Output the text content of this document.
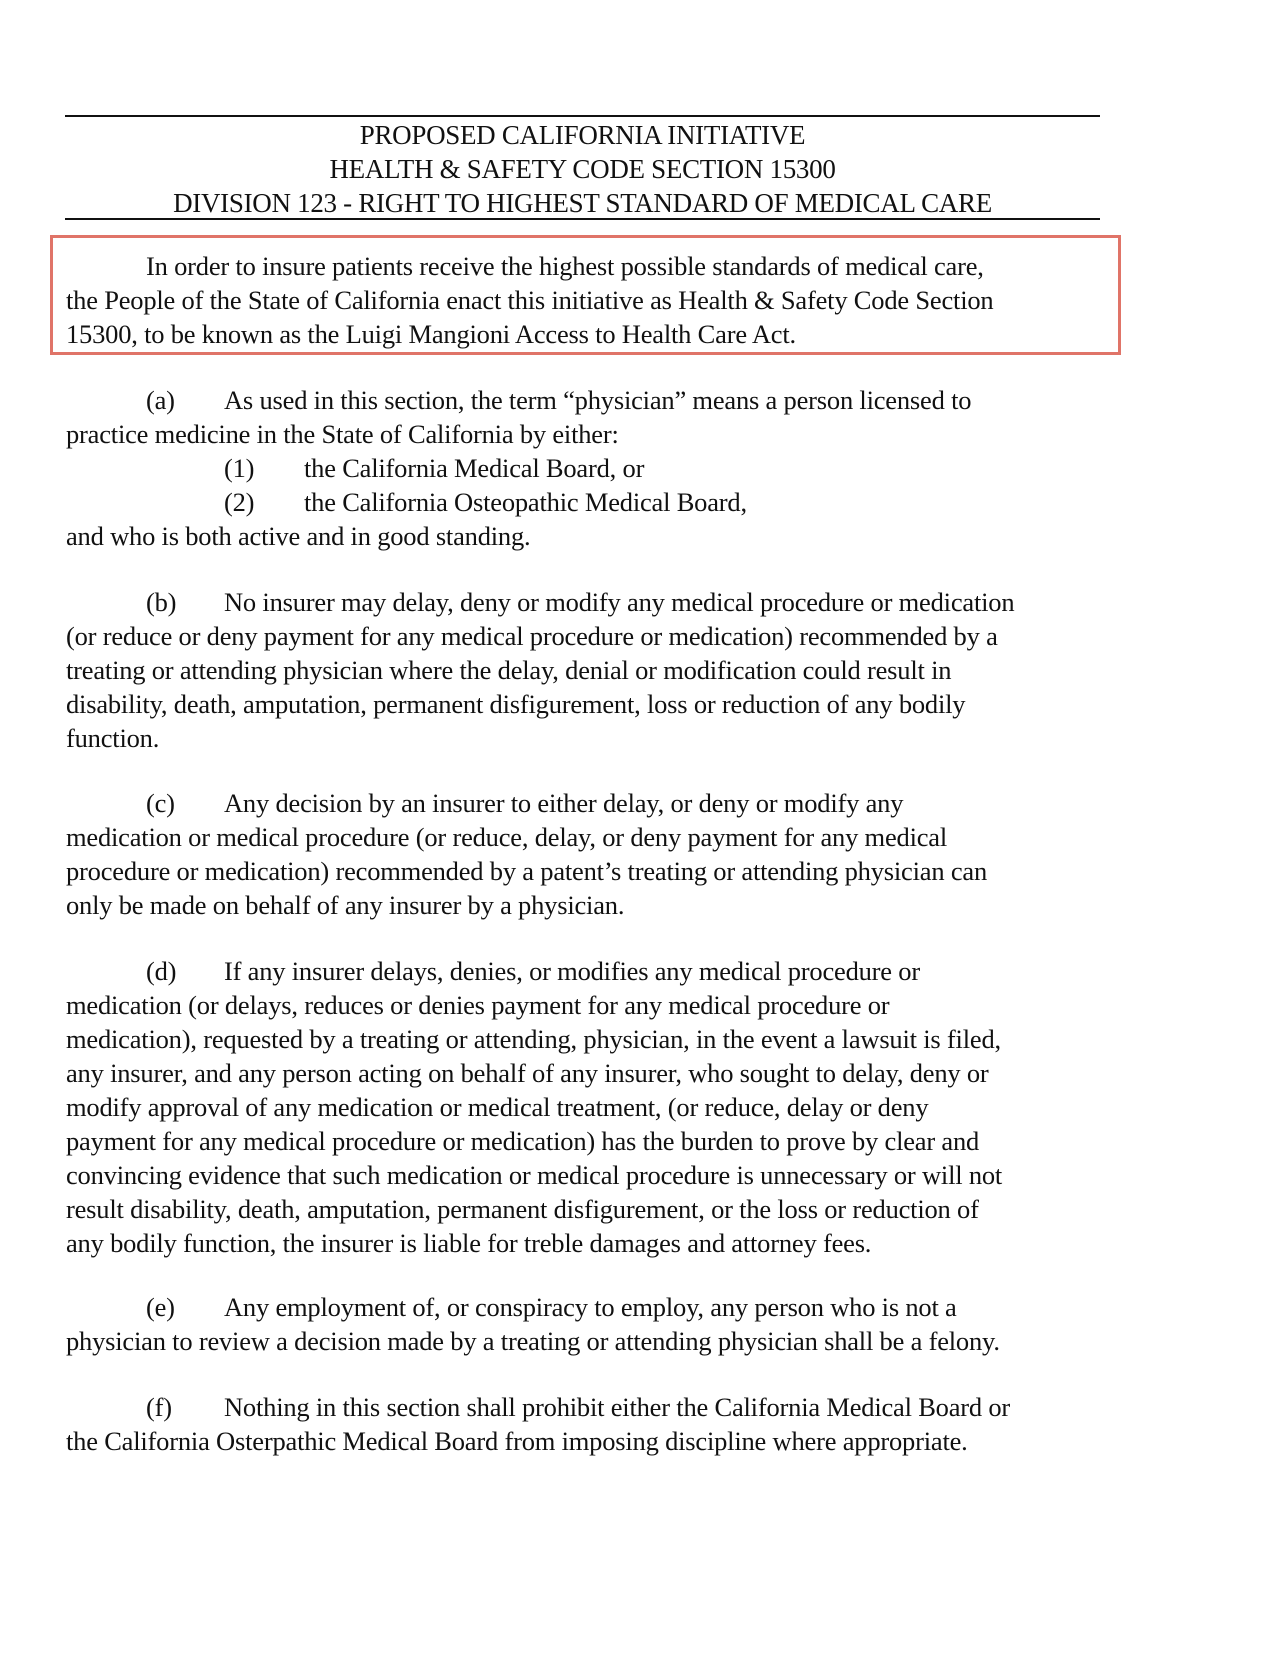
PROPOSED CALIFORNIA INITIATIVE
HEALTH & SAFETY CODE SECTION 15300
DIVISION 123 - RIGHT TO HIGHEST STANDARD OF MEDICAL CARE
In order to insure patients receive the highest possible standards of medical care,
the People of the State of California enact this initiative as Health & Safety Code Section
15300, to be known as the Luigi Mangioni Access to Health Care Act.
(a) As used in this section, the term “physician” means a person licensed to
practice medicine in the State of California by either:
(1) the California Medical Board, or
(2) the California Osteopathic Medical Board,
and who is both active and in good standing.
(b) No insurer may delay, deny or modify any medical procedure or medication
(or reduce or deny payment for any medical procedure or medication) recommended by a
treating or attending physician where the delay, denial or modification could result in
disability, death, amputation, permanent disfigurement, loss or reduction of any bodily
function.
(c) Any decision by an insurer to either delay, or deny or modify any
medication or medical procedure (or reduce, delay, or deny payment for any medical
procedure or medication) recommended by a patent’s treating or attending physician can
only be made on behalf of any insurer by a physician.
(d) If any insurer delays, denies, or modifies any medical procedure or
medication (or delays, reduces or denies payment for any medical procedure or
medication), requested by a treating or attending, physician, in the event a lawsuit is filed,
any insurer, and any person acting on behalf of any insurer, who sought to delay, deny or
modify approval of any medication or medical treatment, (or reduce, delay or deny
payment for any medical procedure or medication) has the burden to prove by clear and
convincing evidence that such medication or medical procedure is unnecessary or will not
result disability, death, amputation, permanent disfigurement, or the loss or reduction of
any bodily function, the insurer is liable for treble damages and attorney fees.
(e) Any employment of, or conspiracy to employ, any person who is not a
physician to review a decision made by a treating or attending physician shall be a felony.
(f) Nothing in this section shall prohibit either the California Medical Board or
the California Osterpathic Medical Board from imposing discipline where appropriate.
